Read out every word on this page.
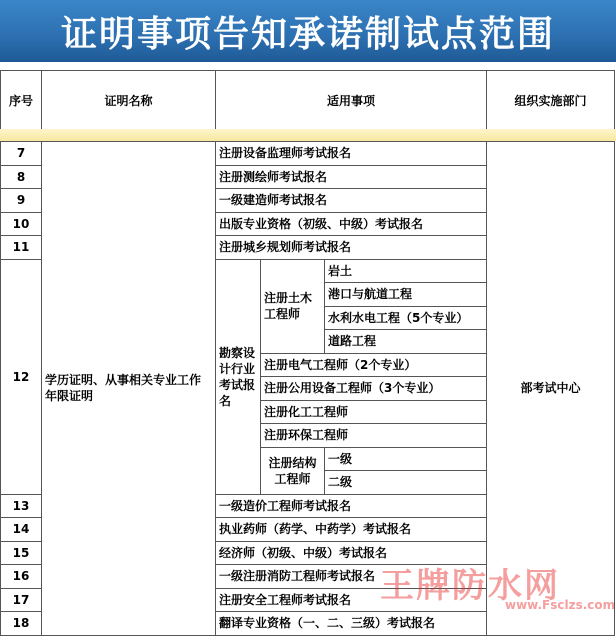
证明事项告知承诺制试点范围
序号	证明名称	适用事项	组织实施部门
7	学历证明、从事相关专业工作年限证明	注册设备监理师考试报名			部考试中心
8		注册测绘师考试报名			
9		一级建造师考试报名			
10		出版专业资格（初级、中级）考试报名			
11		注册城乡规划师考试报名			
12		勘察设计行业考试报名	注册土木工程师	岩土	
				港口与航道工程	
				水利水电工程（5个专业）	
				道路工程	
			注册电气工程师（2个专业）		
			注册公用设备工程师（3个专业）		
			注册化工工程师		
			注册环保工程师		
			注册结构工程师	一级	
				二级	
13		一级造价工程师考试报名			
14		执业药师（药学、中药学）考试报名			
15		经济师（初级、中级）考试报名			
16		一级注册消防工程师考试报名			
17		注册安全工程师考试报名			
18		翻译专业资格（一、二、三级）考试报名			
王牌防水网
www.Fsclzs.com
